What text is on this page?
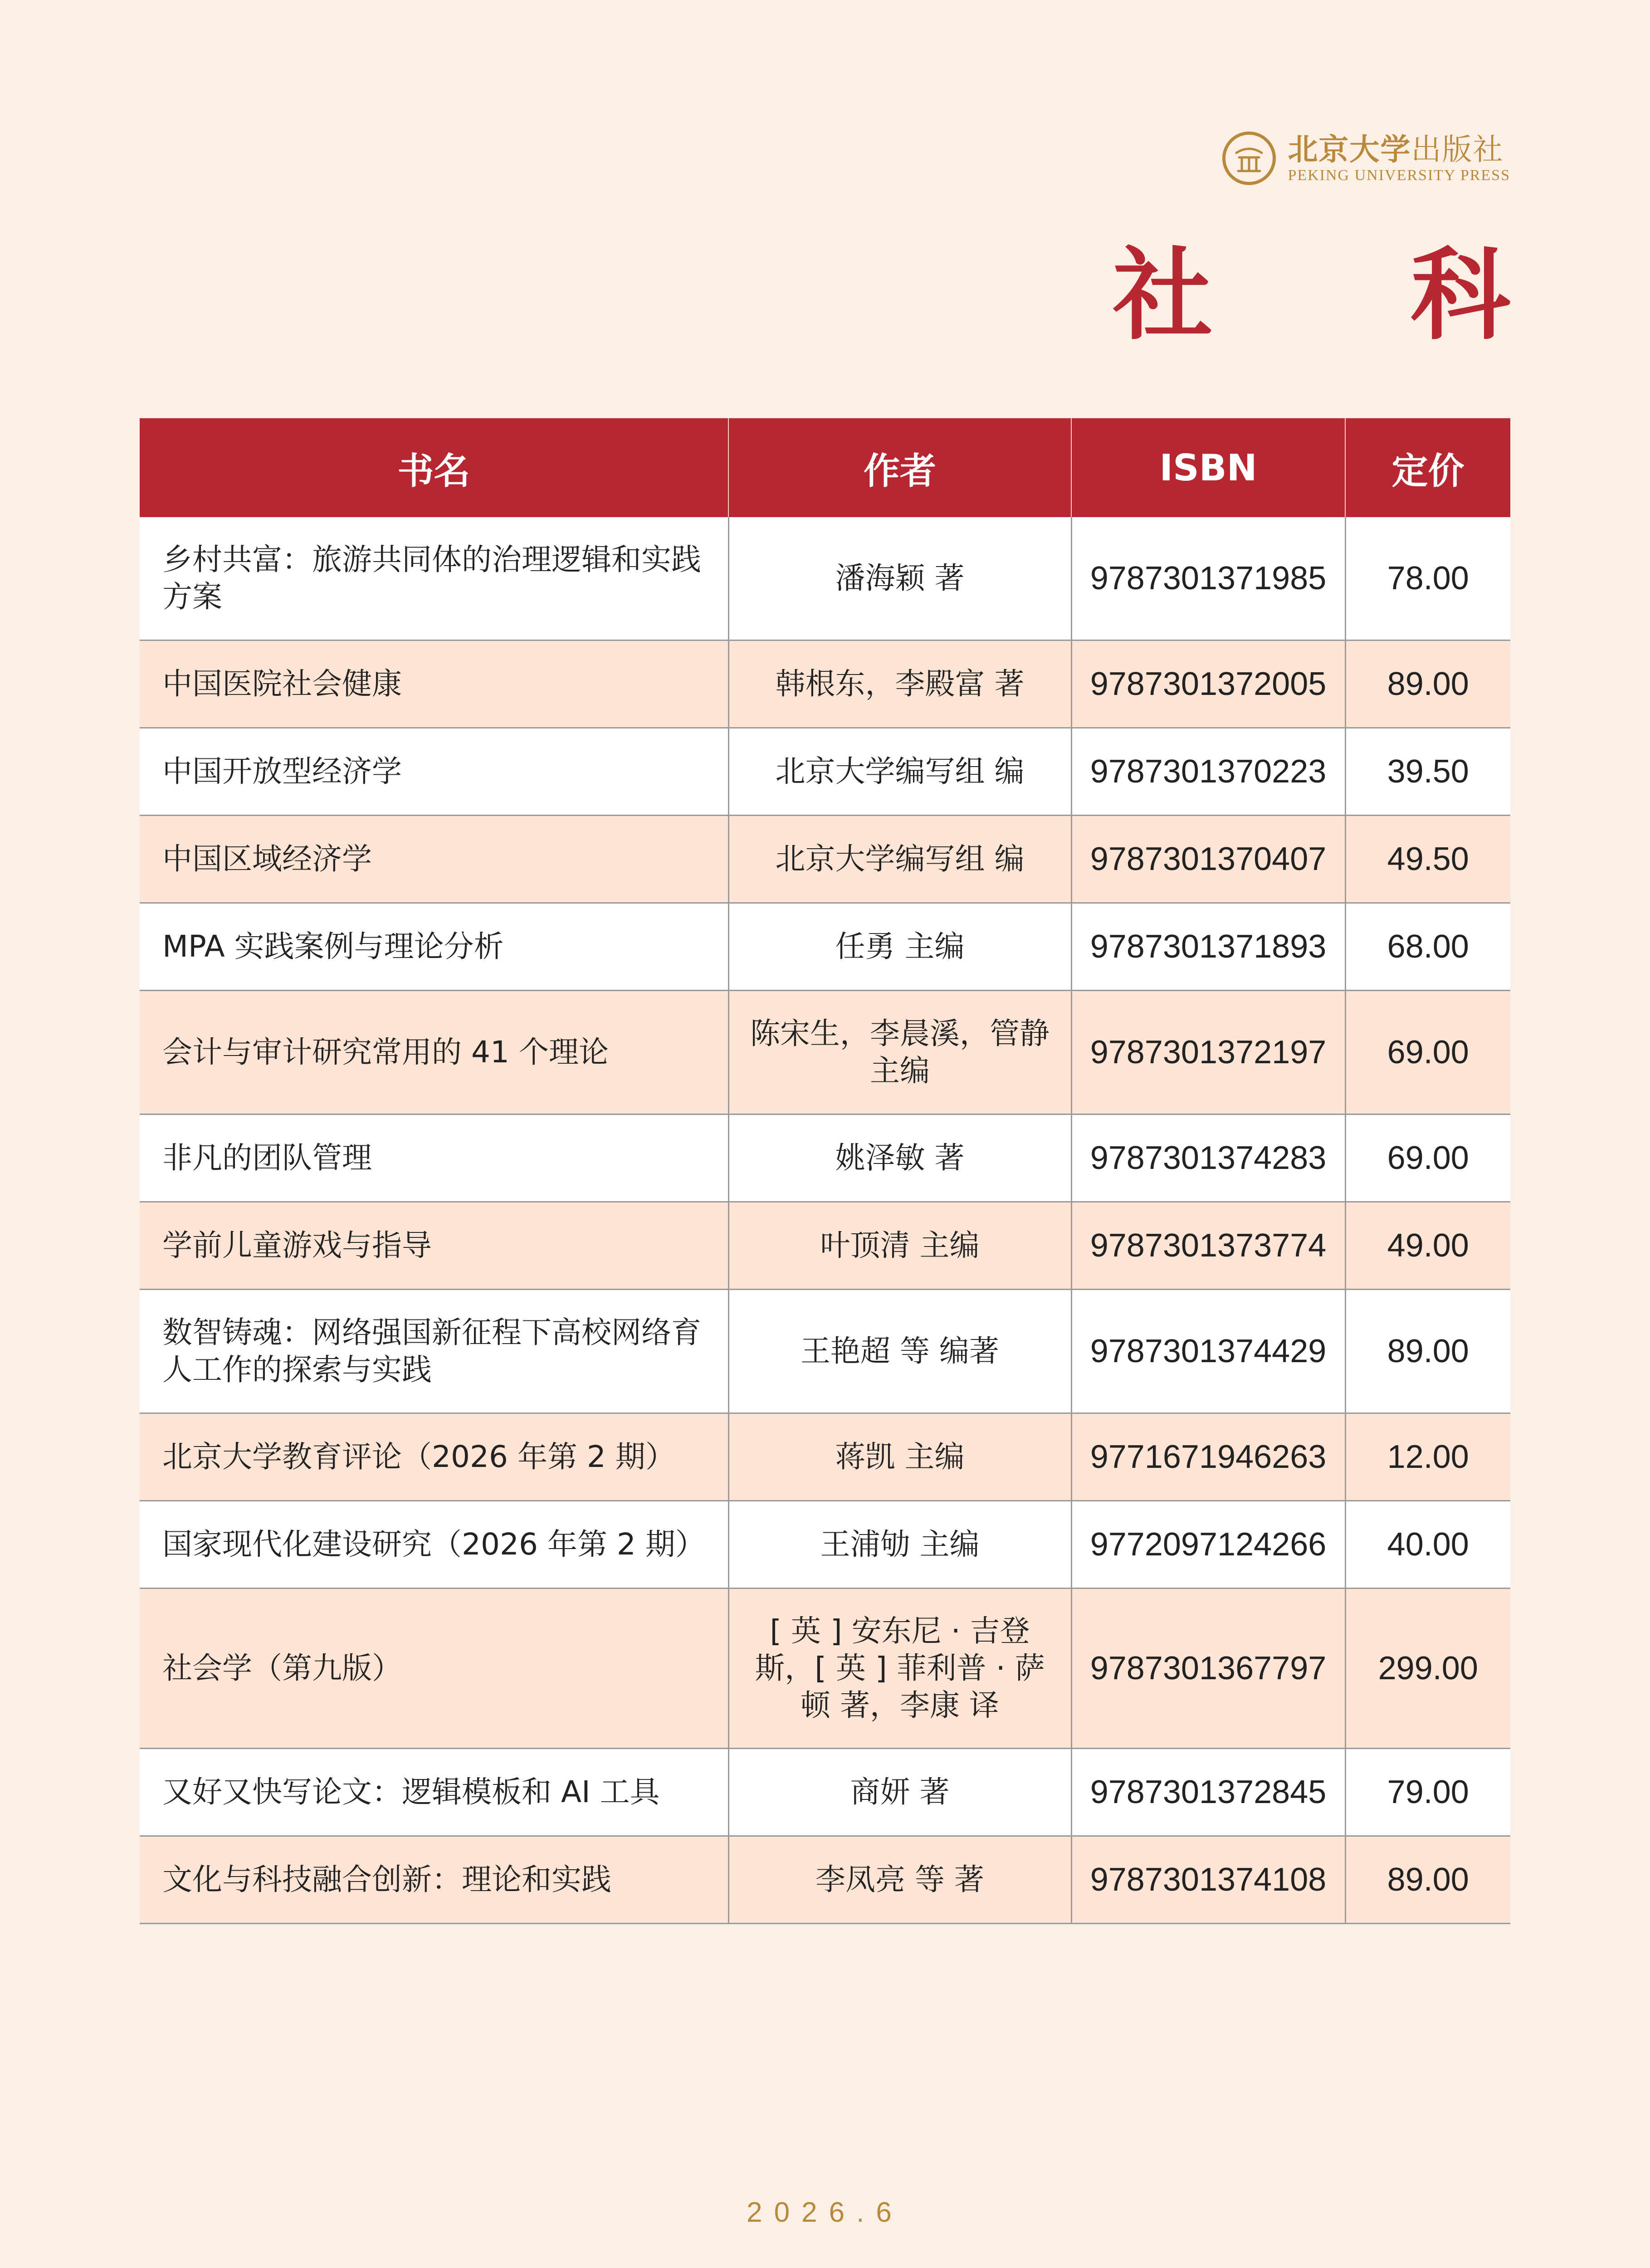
北京大学出版社
PEKING UNIVERSITY PRESS
社 科
书名	作者	ISBN	定价
乡村共富：旅游共同体的治理逻辑和实践方案	潘海颖 著	9787301371985	78.00
中国医院社会健康	韩根东，李殿富 著	9787301372005	89.00
中国开放型经济学	北京大学编写组 编	9787301370223	39.50
中国区域经济学	北京大学编写组 编	9787301370407	49.50
MPA 实践案例与理论分析	任勇 主编	9787301371893	68.00
会计与审计研究常用的 41 个理论	陈宋生，李晨溪，管静 主编	9787301372197	69.00
非凡的团队管理	姚泽敏 著	9787301374283	69.00
学前儿童游戏与指导	叶顶清 主编	9787301373774	49.00
数智铸魂：网络强国新征程下高校网络育人工作的探索与实践	王艳超 等 编著	9787301374429	89.00
北京大学教育评论（2026 年第 2 期）	蒋凯 主编	9771671946263	12.00
国家现代化建设研究（2026 年第 2 期）	王浦劬 主编	9772097124266	40.00
社会学（第九版）	[ 英 ] 安东尼 · 吉登斯，[ 英 ] 菲利普 · 萨顿 著，李康 译	9787301367797	299.00
又好又快写论文：逻辑模板和 AI 工具	商妍 著	9787301372845	79.00
文化与科技融合创新：理论和实践	李凤亮 等 著	9787301374108	89.00
2026.6
